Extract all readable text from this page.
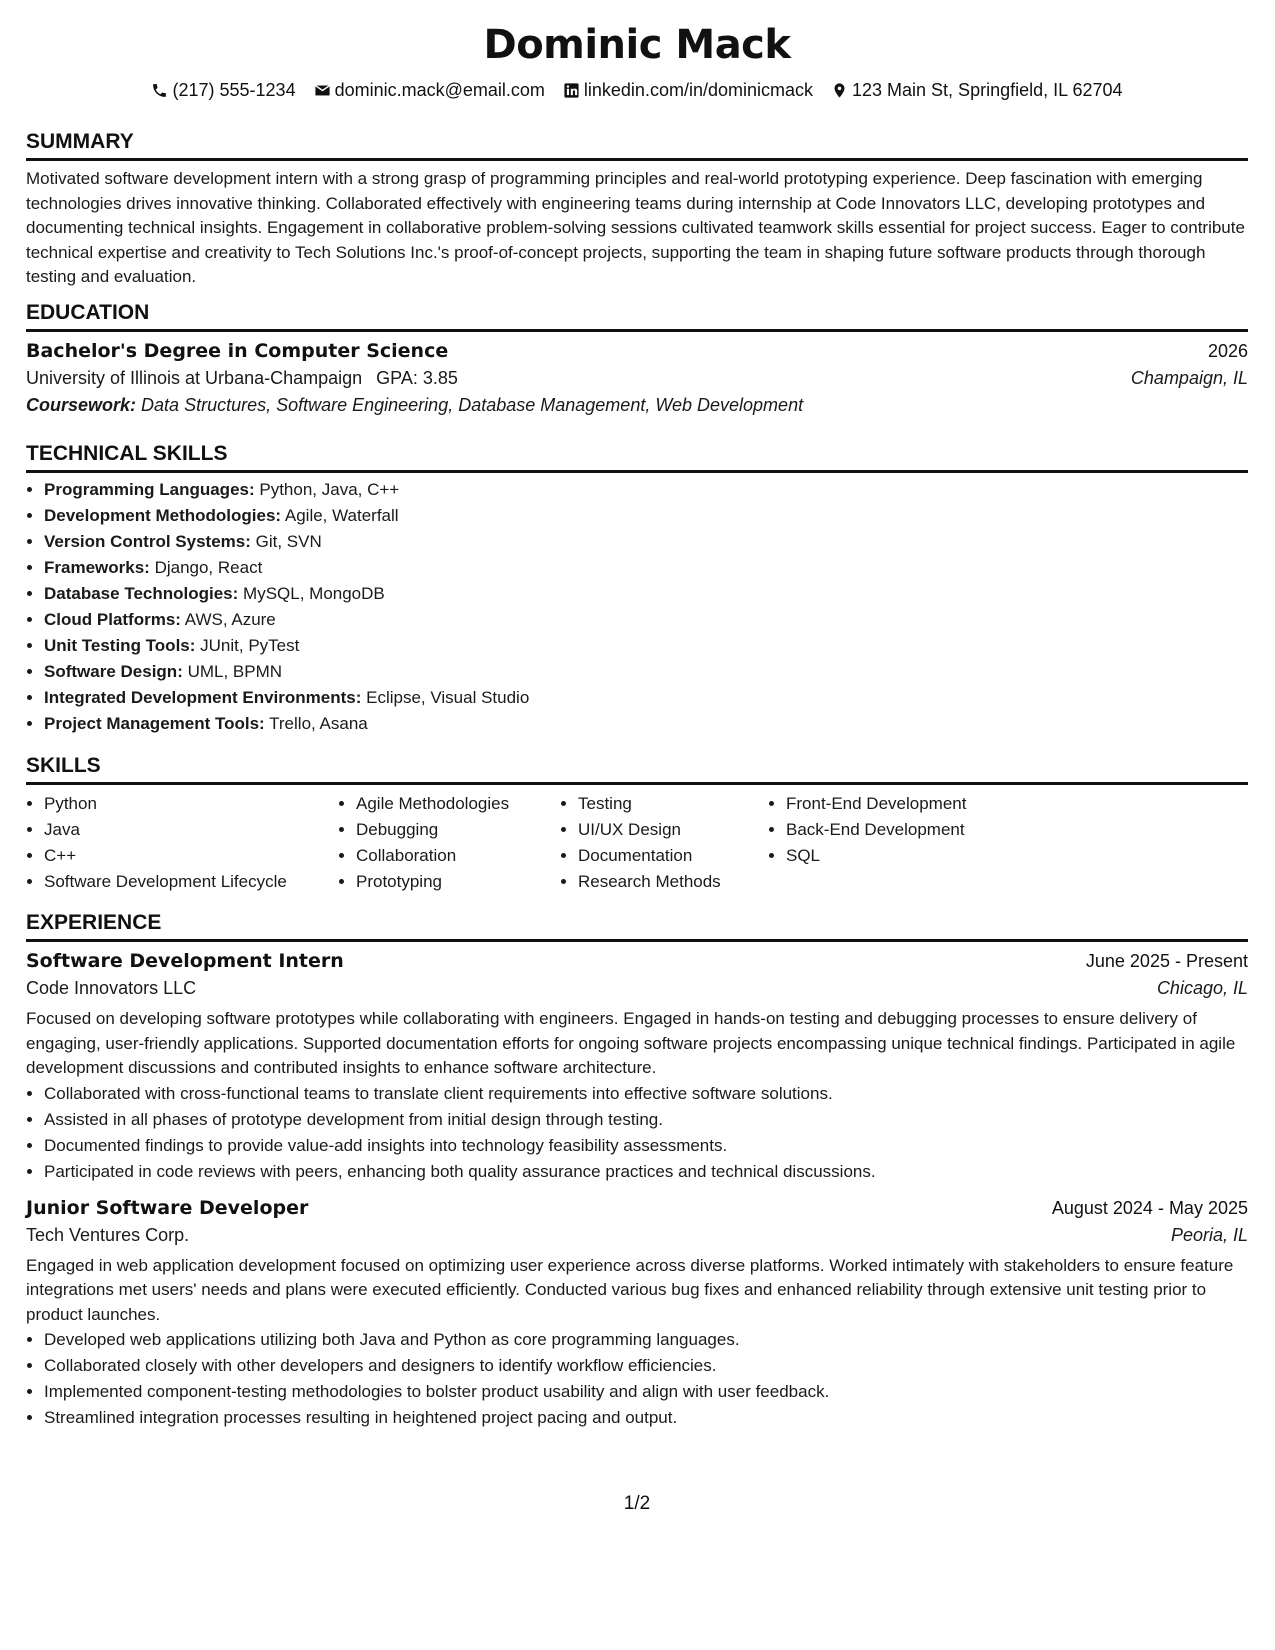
Dominic Mack
(217) 555-1234 dominic.mack@email.com linkedin.com/in/dominicmack 123 Main St, Springfield, IL 62704
SUMMARY

Motivated software development intern with a strong grasp of programming principles and real-world prototyping experience. Deep fascination with emerging technologies drives innovative thinking. Collaborated effectively with engineering teams during internship at Code Innovators LLC, developing prototypes and documenting technical insights. Engagement in collaborative problem-solving sessions cultivated teamwork skills essential for project success. Eager to contribute technical expertise and creativity to Tech Solutions Inc.'s proof-of-concept projects, supporting the team in shaping future software products through thorough testing and evaluation.

EDUCATION
Bachelor's Degree in Computer Science	2026
University of Illinois at Urbana-Champaign GPA: 3.85	Champaign, IL
Coursework: Data Structures, Software Engineering, Database Management, Web Development
TECHNICAL SKILLS
• Programming Languages: Python, Java, C++
• Development Methodologies: Agile, Waterfall
• Version Control Systems: Git, SVN
• Frameworks: Django, React
• Database Technologies: MySQL, MongoDB
• Cloud Platforms: AWS, Azure
• Unit Testing Tools: JUnit, PyTest
• Software Design: UML, BPMN
• Integrated Development Environments: Eclipse, Visual Studio
• Project Management Tools: Trello, Asana
SKILLS
• Python
• Java
• C++
• Software Development Lifecycle
• Agile Methodologies
• Debugging
• Collaboration
• Prototyping
• Testing
• UI/UX Design
• Documentation
• Research Methods
• Front-End Development
• Back-End Development
• SQL
EXPERIENCE
Software Development Intern	June 2025 - Present
Code Innovators LLC	Chicago, IL

Focused on developing software prototypes while collaborating with engineers. Engaged in hands-on testing and debugging processes to ensure delivery of engaging, user-friendly applications. Supported documentation efforts for ongoing software projects encompassing unique technical findings. Participated in agile development discussions and contributed insights to enhance software architecture.

• Collaborated with cross-functional teams to translate client requirements into effective software solutions.
• Assisted in all phases of prototype development from initial design through testing.
• Documented findings to provide value-add insights into technology feasibility assessments.
• Participated in code reviews with peers, enhancing both quality assurance practices and technical discussions.
Junior Software Developer	August 2024 - May 2025
Tech Ventures Corp.	Peoria, IL

Engaged in web application development focused on optimizing user experience across diverse platforms. Worked intimately with stakeholders to ensure feature integrations met users' needs and plans were executed efficiently. Conducted various bug fixes and enhanced reliability through extensive unit testing prior to product launches.

• Developed web applications utilizing both Java and Python as core programming languages.
• Collaborated closely with other developers and designers to identify workflow efficiencies.
• Implemented component-testing methodologies to bolster product usability and align with user feedback.
• Streamlined integration processes resulting in heightened project pacing and output.
1/2
